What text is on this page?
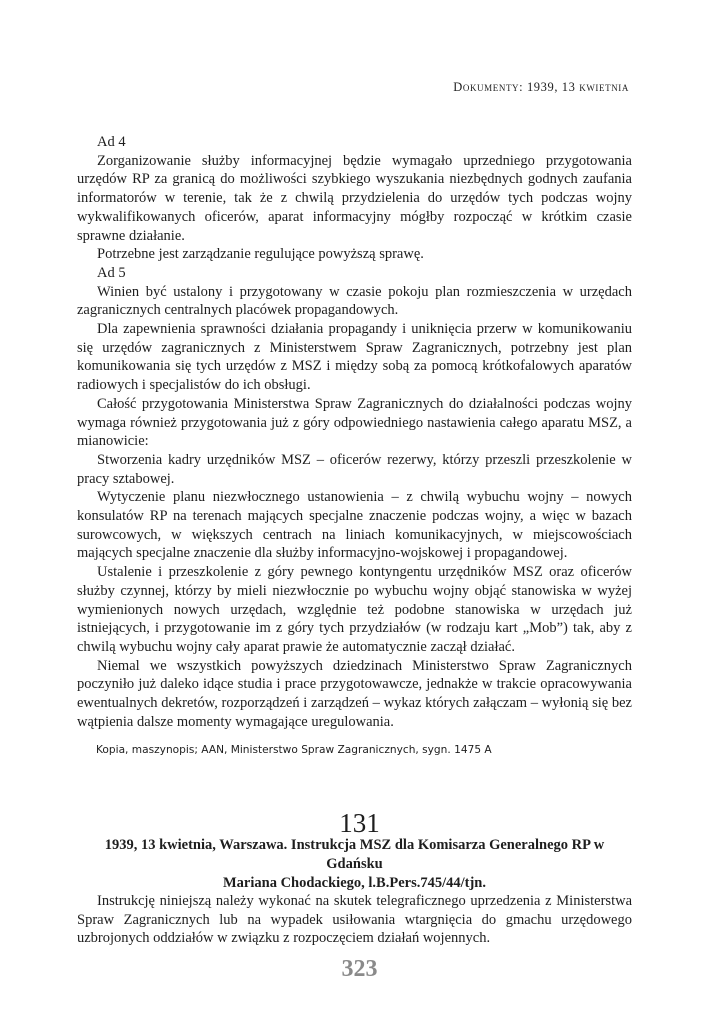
Dokumenty: 1939, 13 kwietnia

Ad 4

Zorganizowanie służby informacyjnej będzie wymagało uprzedniego przygotowania urzędów RP za granicą do możliwości szybkiego wyszukania niezbędnych godnych zaufania informatorów w terenie, tak że z chwilą przydzielenia do urzędów tych podczas wojny wykwalifikowanych oficerów, aparat informacyjny mógłby rozpocząć w krótkim czasie sprawne działanie.

Potrzebne jest zarządzanie regulujące powyższą sprawę.

Ad 5

Winien być ustalony i przygotowany w czasie pokoju plan rozmieszczenia w urzędach zagranicznych centralnych placówek propagandowych.

Dla zapewnienia sprawności działania propagandy i uniknięcia przerw w komunikowaniu się urzędów zagranicznych z Ministerstwem Spraw Zagranicznych, potrzebny jest plan komunikowania się tych urzędów z MSZ i między sobą za pomocą krótkofalowych aparatów radiowych i specjalistów do ich obsługi.

Całość przygotowania Ministerstwa Spraw Zagranicznych do działalności podczas wojny wymaga również przygotowania już z góry odpowiedniego nastawienia całego aparatu MSZ, a mianowicie:

Stworzenia kadry urzędników MSZ – oficerów rezerwy, którzy przeszli przeszkolenie w pracy sztabowej.

Wytyczenie planu niezwłocznego ustanowienia – z chwilą wybuchu wojny – nowych konsulatów RP na terenach mających specjalne znaczenie podczas wojny, a więc w bazach surowcowych, w większych centrach na liniach komunikacyjnych, w miejscowościach mających specjalne znaczenie dla służby informacyjno-wojskowej i propagandowej.

Ustalenie i przeszkolenie z góry pewnego kontyngentu urzędników MSZ oraz oficerów służby czynnej, którzy by mieli niezwłocznie po wybuchu wojny objąć stanowiska w wyżej wymienionych nowych urzędach, względnie też podobne stanowiska w urzędach już istniejących, i przygotowanie im z góry tych przydziałów (w rodzaju kart „Mob”) tak, aby z chwilą wybuchu wojny cały aparat prawie że automatycznie zaczął działać.

Niemal we wszystkich powyższych dziedzinach Ministerstwo Spraw Zagranicznych poczyniło już daleko idące studia i prace przygotowawcze, jednakże w trakcie opracowywania ewentualnych dekretów, rozporządzeń i zarządzeń – wykaz których załączam – wyłonią się bez wątpienia dalsze momenty wymagające uregulowania.

Kopia, maszynopis; AAN, Ministerstwo Spraw Zagranicznych, sygn. 1475 A
131
1939, 13 kwietnia, Warszawa. Instrukcja MSZ dla Komisarza Generalnego RP w Gdańsku
Mariana Chodackiego, l.B.Pers.745/44/tjn.

Instrukcję niniejszą należy wykonać na skutek telegraficznego uprzedzenia z Ministerstwa Spraw Zagranicznych lub na wypadek usiłowania wtargnięcia do gmachu urzędowego uzbrojonych oddziałów w związku z rozpoczęciem działań wojennych.

323
